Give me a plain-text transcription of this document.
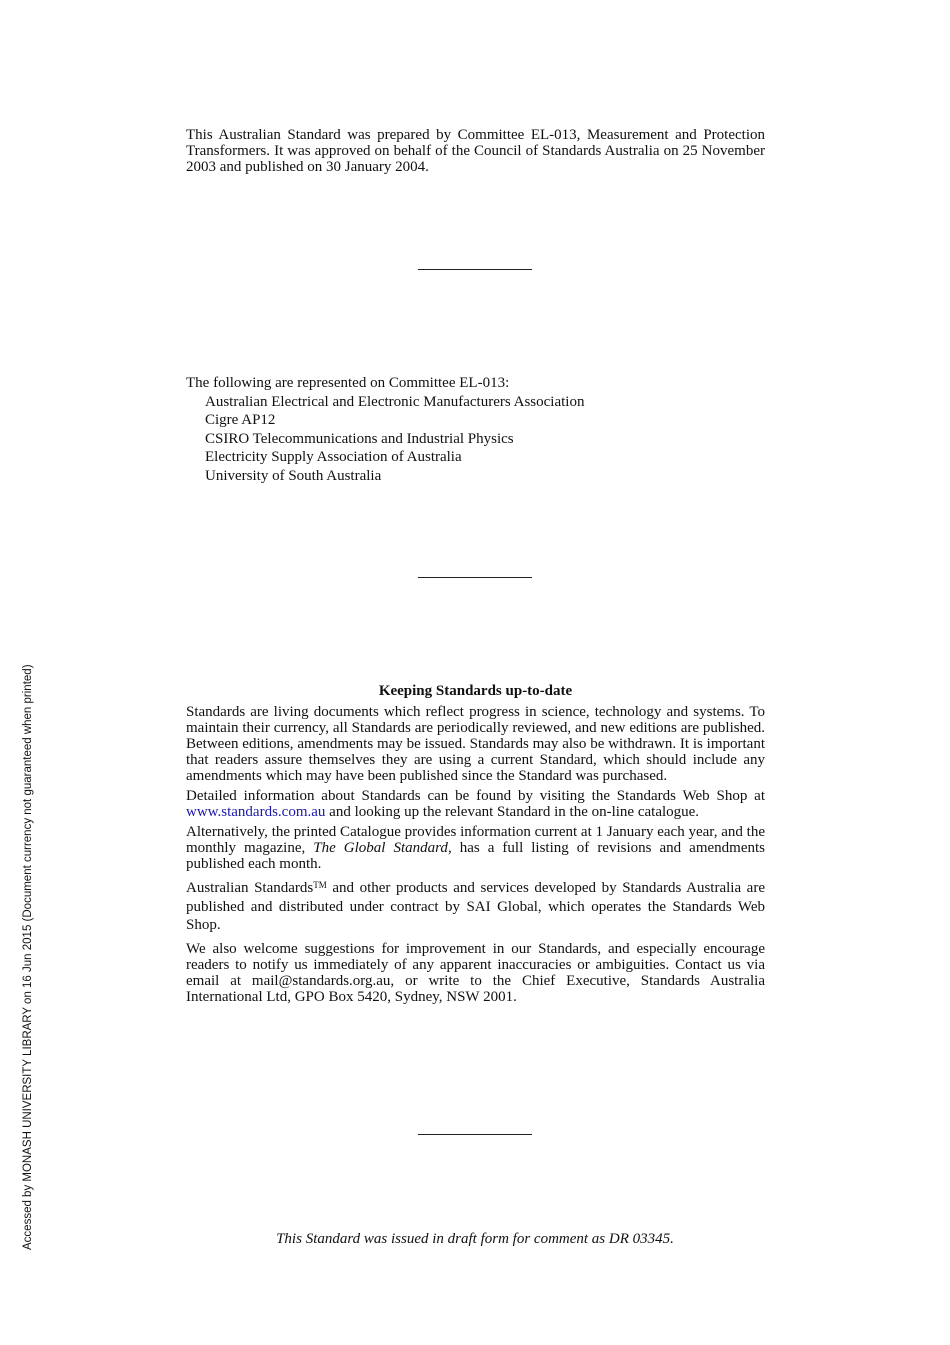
This Australian Standard was prepared by Committee EL-013, Measurement and Protection Transformers. It was approved on behalf of the Council of Standards Australia on 25 November 2003 and published on 30 January 2004.
The following are represented on Committee EL-013:
Australian Electrical and Electronic Manufacturers Association
Cigre AP12
CSIRO Telecommunications and Industrial Physics
Electricity Supply Association of Australia
University of South Australia
Keeping Standards up-to-date

Standards are living documents which reflect progress in science, technology and systems. To maintain their currency, all Standards are periodically reviewed, and new editions are published. Between editions, amendments may be issued. Standards may also be withdrawn. It is important that readers assure themselves they are using a current Standard, which should include any amendments which may have been published since the Standard was purchased.

Detailed information about Standards can be found by visiting the Standards Web Shop at www.standards.com.au and looking up the relevant Standard in the on-line catalogue.

Alternatively, the printed Catalogue provides information current at 1 January each year, and the monthly magazine, The Global Standard, has a full listing of revisions and amendments published each month.

Australian Standards™ and other products and services developed by Standards Australia are published and distributed under contract by SAI Global, which operates the Standards Web Shop.

We also welcome suggestions for improvement in our Standards, and especially encourage readers to notify us immediately of any apparent inaccuracies or ambiguities. Contact us via email at mail@standards.org.au, or write to the Chief Executive, Standards Australia International Ltd, GPO Box 5420, Sydney, NSW 2001.

This Standard was issued in draft form for comment as DR 03345.
Accessed by MONASH UNIVERSITY LIBRARY on 16 Jun 2015 (Document currency not guaranteed when printed)
